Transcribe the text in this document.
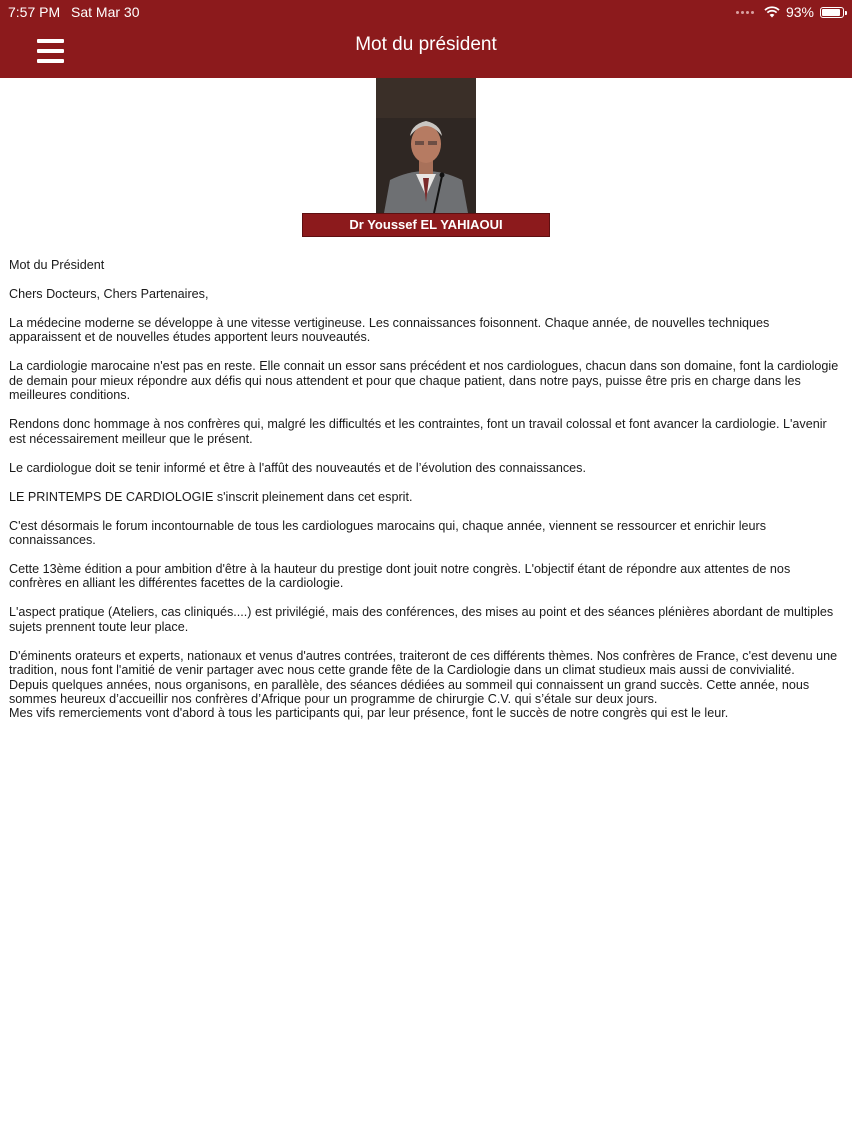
7:57 PM Sat Mar 30	93%
Mot du président
Dr Youssef EL YAHIAOUI

Mot du Président

Chers Docteurs, Chers Partenaires,

La médecine moderne se développe à une vitesse vertigineuse. Les connaissances foisonnent. Chaque année, de nouvelles techniques apparaissent et de nouvelles études apportent leurs nouveautés.

La cardiologie marocaine n'est pas en reste. Elle connait un essor sans précédent et nos cardiologues, chacun dans son domaine, font la cardiologie de demain pour mieux répondre aux défis qui nous attendent et pour que chaque patient, dans notre pays, puisse être pris en charge dans les meilleures conditions.

Rendons donc hommage à nos confrères qui, malgré les difficultés et les contraintes, font un travail colossal et font avancer la cardiologie. L'avenir est nécessairement meilleur que le présent.

Le cardiologue doit se tenir informé et être à l'affût des nouveautés et de l’évolution des connaissances.

LE PRINTEMPS DE CARDIOLOGIE s'inscrit pleinement dans cet esprit.

C'est désormais le forum incontournable de tous les cardiologues marocains qui, chaque année, viennent se ressourcer et enrichir leurs connaissances.

Cette 13ème édition a pour ambition d'être à la hauteur du prestige dont jouit notre congrès. L'objectif étant de répondre aux attentes de nos confrères en alliant les différentes facettes de la cardiologie.

L'aspect pratique (Ateliers, cas cliniqués....) est privilégié, mais des conférences, des mises au point et des séances plénières abordant de multiples sujets prennent toute leur place.

D'éminents orateurs et experts, nationaux et venus d'autres contrées, traiteront de ces différents thèmes. Nos confrères de France, c'est devenu une tradition, nous font l'amitié de venir partager avec nous cette grande fête de la Cardiologie dans un climat studieux mais aussi de convivialité.

Depuis quelques années, nous organisons, en parallèle, des séances dédiées au sommeil qui connaissent un grand succès. Cette année, nous sommes heureux d’accueillir nos confrères d’Afrique pour un programme de chirurgie C.V. qui s’étale sur deux jours.

Mes vifs remerciements vont d'abord à tous les participants qui, par leur présence, font le succès de notre congrès qui est le leur.
